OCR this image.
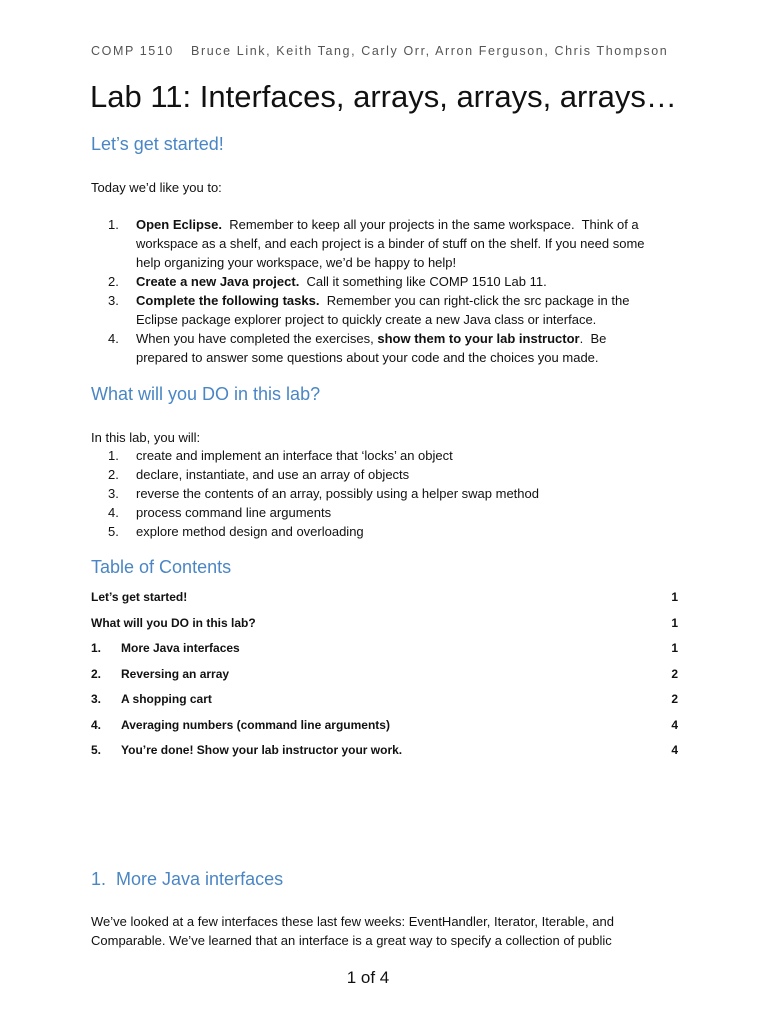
COMP 1510 Bruce Link, Keith Tang, Carly Orr, Arron Ferguson, Chris Thompson
Lab 11: Interfaces, arrays, arrays, arrays…
Let’s get started!
Today we’d like you to:
1.	Open Eclipse.  Remember to keep all your projects in the same workspace.  Think of a
workspace as a shelf, and each project is a binder of stuff on the shelf. If you need some
help organizing your workspace, we’d be happy to help!
2.	Create a new Java project.  Call it something like COMP 1510 Lab 11.
3.	Complete the following tasks.  Remember you can right-click the src package in the
Eclipse package explorer project to quickly create a new Java class or interface.
4.	When you have completed the exercises, show them to your lab instructor.  Be
prepared to answer some questions about your code and the choices you made.
What will you DO in this lab?
In this lab, you will:
1.	create and implement an interface that ‘locks’ an object
2.	declare, instantiate, and use an array of objects
3.	reverse the contents of an array, possibly using a helper swap method
4.	process command line arguments
5.	explore method design and overloading
Table of Contents
Let’s get started!	1
What will you DO in this lab?	1
1.	More Java interfaces	1
2.	Reversing an array	2
3.	A shopping cart	2
4.	Averaging numbers (command line arguments)	4
5.	You’re done! Show your lab instructor your work.	4
1.  More Java interfaces
We’ve looked at a few interfaces these last few weeks: EventHandler, Iterator, Iterable, and
Comparable. We’ve learned that an interface is a great way to specify a collection of public
1 of 4
